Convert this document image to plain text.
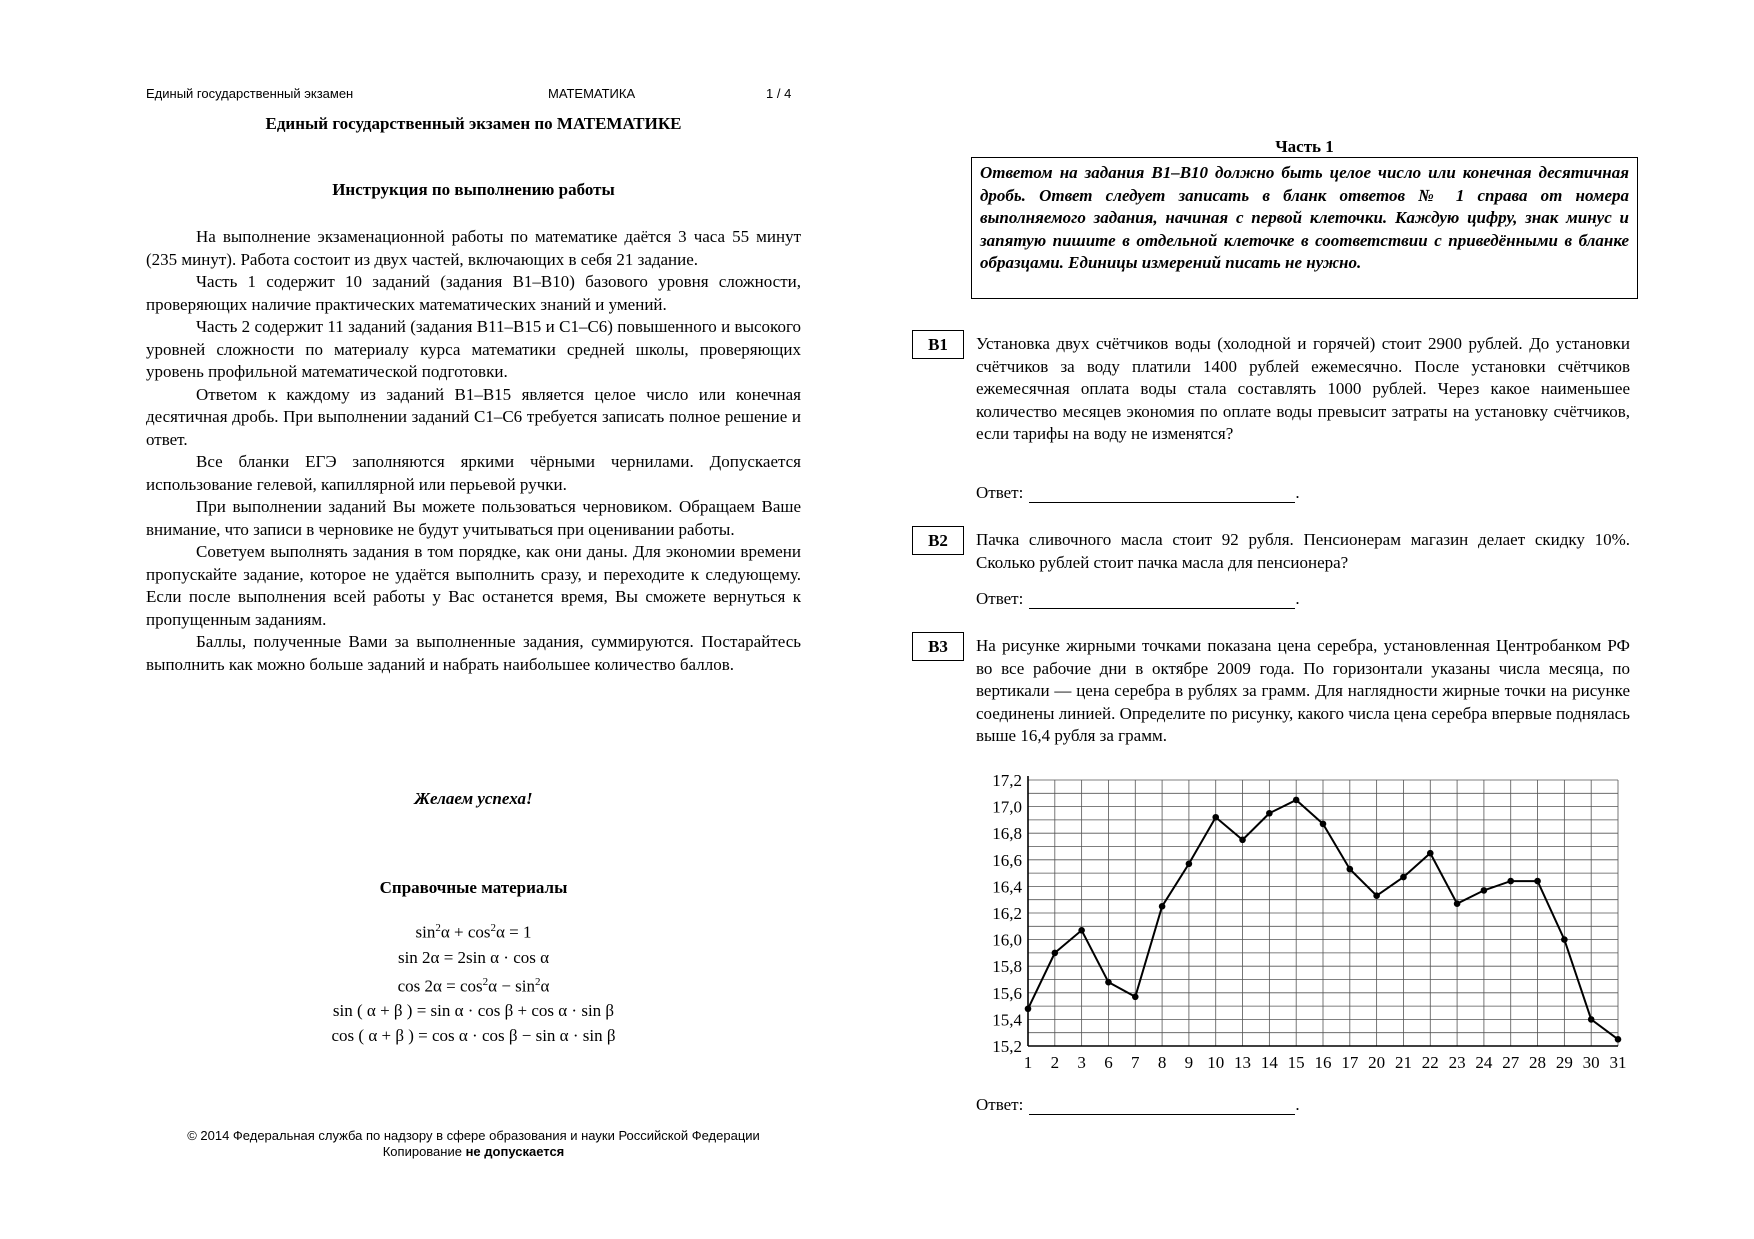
Единый государственный экзамен	МАТЕМАТИКА	1 / 4
Единый государственный экзамен по МАТЕМАТИКЕ
Инструкция по выполнению работы

На выполнение экзаменационной работы по математике даётся 3 часа 55 минут (235 минут). Работа состоит из двух частей, включающих в себя 21 задание.

Часть 1 содержит 10 заданий (задания B1–B10) базового уровня сложности, проверяющих наличие практических математических знаний и умений.

Часть 2 содержит 11 заданий (задания B11–B15 и C1–C6) повышенного и высокого уровней сложности по материалу курса математики средней школы, проверяющих уровень профильной математической подготовки.

Ответом к каждому из заданий B1–B15 является целое число или конечная десятичная дробь. При выполнении заданий C1–C6 требуется записать полное решение и ответ.

Все бланки ЕГЭ заполняются яркими чёрными чернилами. Допускается использование гелевой, капиллярной или перьевой ручки.

При выполнении заданий Вы можете пользоваться черновиком. Обращаем Ваше внимание, что записи в черновике не будут учитываться при оценивании работы.

Советуем выполнять задания в том порядке, как они даны. Для экономии времени пропускайте задание, которое не удаётся выполнить сразу, и переходите к следующему. Если после выполнения всей работы у Вас останется время, Вы сможете вернуться к пропущенным заданиям.

Баллы, полученные Вами за выполненные задания, суммируются. Постарайтесь выполнить как можно больше заданий и набрать наибольшее количество баллов.

Желаем успеха!
Справочные материалы
$\sin^2\alpha + \cos^2\alpha = 1$
sin 2α = 2sin α · cos α
$\cos 2\alpha = \cos^2\alpha - \sin^2\alpha$
sin ( α + β ) = sin α · cos β + cos α · sin β
cos ( α + β ) = cos α · cos β − sin α · sin β
© 2014 Федеральная служба по надзору в сфере образования и науки Российской Федерации
Копирование не допускается
Часть 1
Ответом на задания B1–B10 должно быть целое число или конечная десятичная дробь. Ответ следует записать в бланк ответов № 1 справа от номера выполняемого задания, начиная с первой клеточки. Каждую цифру, знак минус и запятую пишите в отдельной клеточке в соответствии с приведёнными в бланке образцами. Единицы измерений писать не нужно.
B1	Установка двух счётчиков воды (холодной и горячей) стоит 2900 рублей. До установки счётчиков за воду платили 1400 рублей ежемесячно. После установки счётчиков ежемесячная оплата воды стала составлять 1000 рублей. Через какое наименьшее количество месяцев экономия по оплате воды превысит затраты на установку счётчиков, если тарифы на воду не изменятся?
Ответ:	.
B2	Пачка сливочного масла стоит 92 рубля. Пенсионерам магазин делает скидку 10%. Сколько рублей стоит пачка масла для пенсионера?
Ответ:	.
B3	На рисунке жирными точками показана цена серебра, установленная Центробанком РФ во все рабочие дни в октябре 2009 года. По горизонтали указаны числа месяца, по вертикали — цена серебра в рублях за грамм. Для наглядности жирные точки на рисунке соединены линией. Определите по рисунку, какого числа цена серебра впервые поднялась выше 16,4 рубля за грамм.
15,2
15,4
15,6
15,8
16,0
16,2
16,4
16,6
16,8
17,0
17,2
1 2 3 6 7 8 9 10 13 14 15 16 17 20 21 22 23 24 27 28 29 30 31
Ответ:	.
